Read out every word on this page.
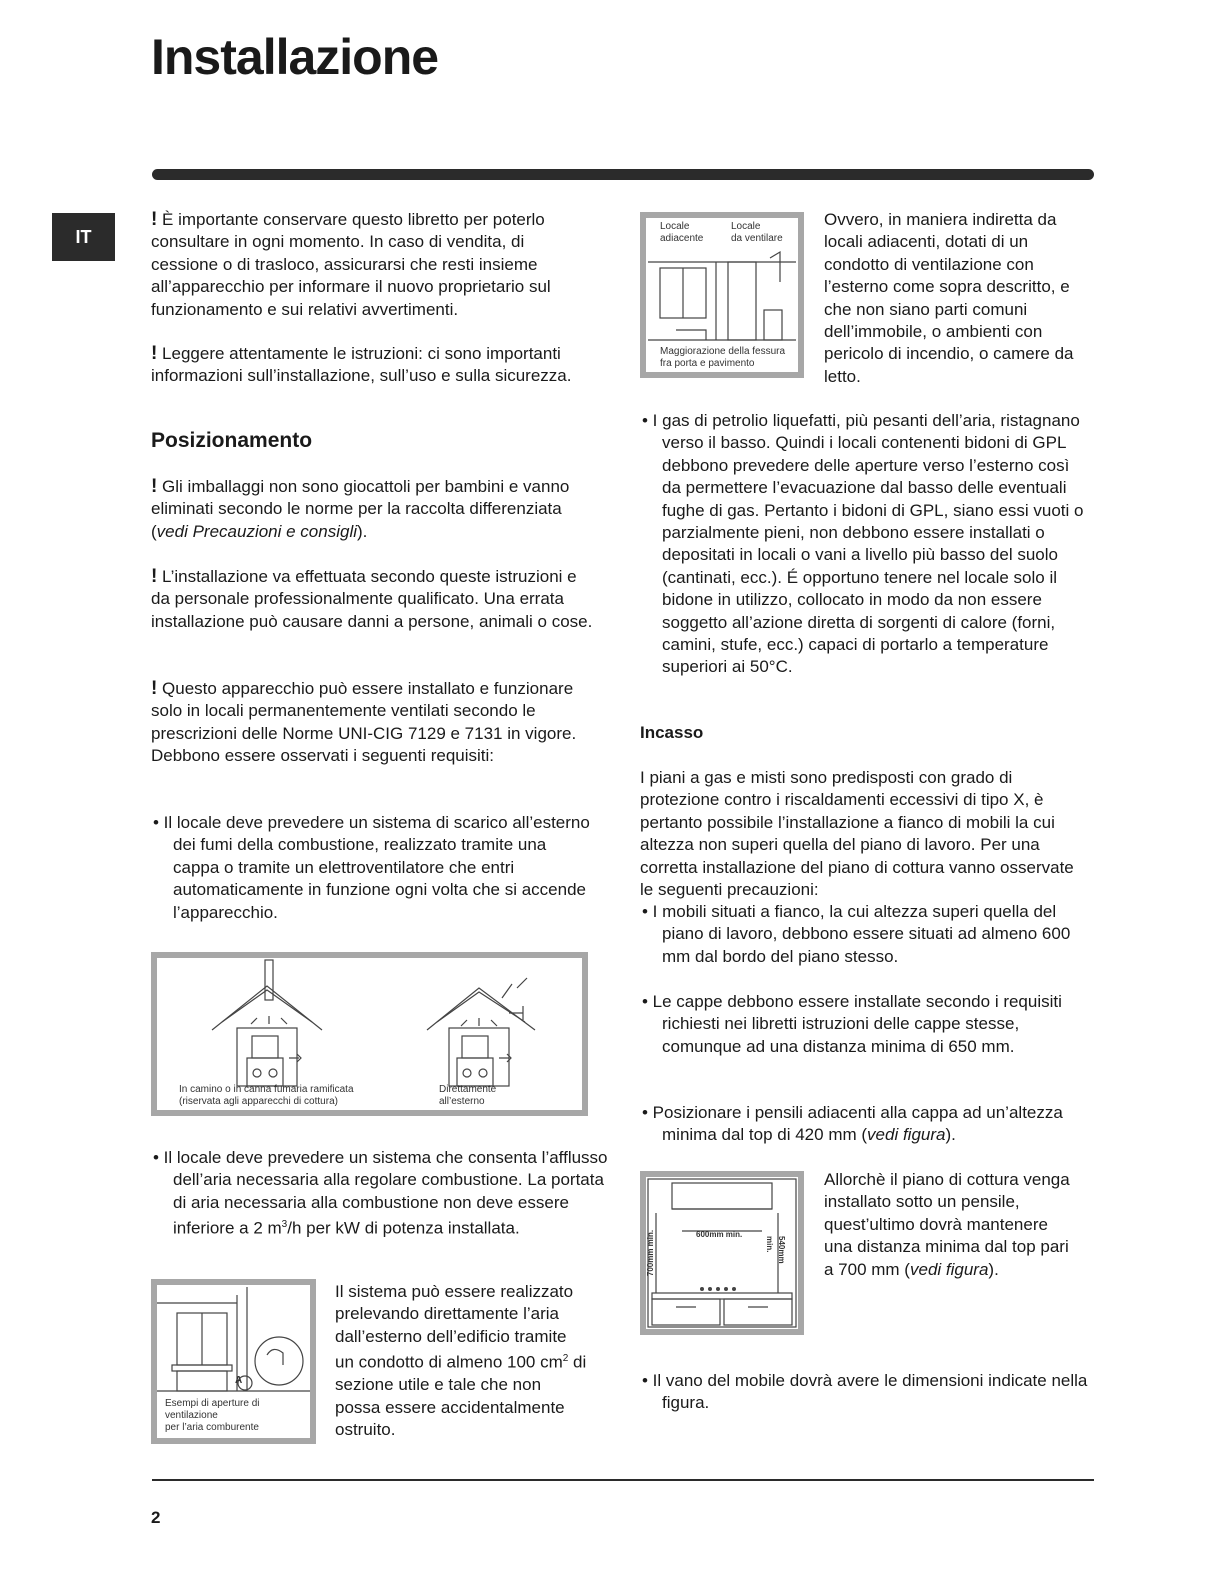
Installazione
IT

! È importante conservare questo libretto per poterlo consultare in ogni momento. In caso di vendita, di cessione o di trasloco, assicurarsi che resti insieme all’apparecchio per informare il nuovo proprietario sul funzionamento e sui relativi avvertimenti.

! Leggere attentamente le istruzioni: ci sono importanti informazioni sull’installazione, sull’uso e sulla sicurezza.

Posizionamento

! Gli imballaggi non sono giocattoli per bambini e vanno eliminati secondo le norme per la raccolta differenziata (vedi Precauzioni e consigli).

! L’installazione va effettuata secondo queste istruzioni e da personale professionalmente qualificato. Una errata installazione può causare danni a persone, animali o cose.

! Questo apparecchio può essere installato e funzionare solo in locali permanentemente ventilati secondo le prescrizioni delle Norme UNI-CIG 7129 e 7131 in vigore. Debbono essere osservati i seguenti requisiti:

• Il locale deve prevedere un sistema di scarico all’esterno dei fumi della combustione, realizzato tramite una cappa o tramite un elettroventilatore che entri automaticamente in funzione ogni volta che si accende l’apparecchio.

In camino o in canna fumaria ramificata
(riservata agli apparecchi di cottura)
Direttamente
all’esterno

• Il locale deve prevedere un sistema che consenta l’afflusso dell’aria necessaria alla regolare combustione. La portata di aria necessaria alla combustione non deve essere inferiore a 2 $m^3/h$ per kW di potenza installata.

A
Esempi di aperture di
ventilazione
per l’aria comburente

Il sistema può essere realizzato prelevando direttamente l’aria dall’esterno dell’edificio tramite un condotto di almeno 100 $cm^2$ di sezione utile e tale che non possa essere accidentalmente ostruito.

Locale
adiacente
Locale
da ventilare
Maggiorazione della fessura
fra porta e pavimento

Ovvero, in maniera indiretta da locali adiacenti, dotati di un condotto di ventilazione con l’esterno come sopra descritto, e che non siano parti comuni dell’immobile, o ambienti con pericolo di incendio, o camere da letto.

• I gas di petrolio liquefatti, più pesanti dell’aria, ristagnano verso il basso. Quindi i locali contenenti bidoni di GPL debbono prevedere delle aperture verso l’esterno così da permettere l’evacuazione dal basso delle eventuali fughe di gas. Pertanto i bidoni di GPL, siano essi vuoti o parzialmente pieni, non debbono essere installati o depositati in locali o vani a livello più basso del suolo (cantinati, ecc.). É opportuno tenere nel locale solo il bidone in utilizzo, collocato in modo da non essere soggetto all’azione diretta di sorgenti di calore (forni, camini, stufe, ecc.) capaci di portarlo a temperature superiori ai 50°C.

Incasso

I piani a gas e misti sono predisposti con grado di protezione contro i riscaldamenti eccessivi di tipo X, è pertanto possibile l’installazione a fianco di mobili la cui altezza non superi quella del piano di lavoro. Per una corretta installazione del piano di cottura vanno osservate le seguenti precauzioni:

• I mobili situati a fianco, la cui altezza superi quella del piano di lavoro, debbono essere situati ad almeno 600 mm dal bordo del piano stesso.

• Le cappe debbono essere installate secondo i requisiti richiesti nei libretti istruzioni delle cappe stesse, comunque ad una distanza minima di 650 mm.

• Posizionare i pensili adiacenti alla cappa ad un’altezza minima dal top di 420 mm (vedi figura).

600mm min.
700mm min.	540mm min.

Allorchè il piano di cottura venga installato sotto un pensile, quest’ultimo dovrà mantenere una distanza minima dal top pari a 700 mm (vedi figura).

• Il vano del mobile dovrà avere le dimensioni indicate nella figura.

2
